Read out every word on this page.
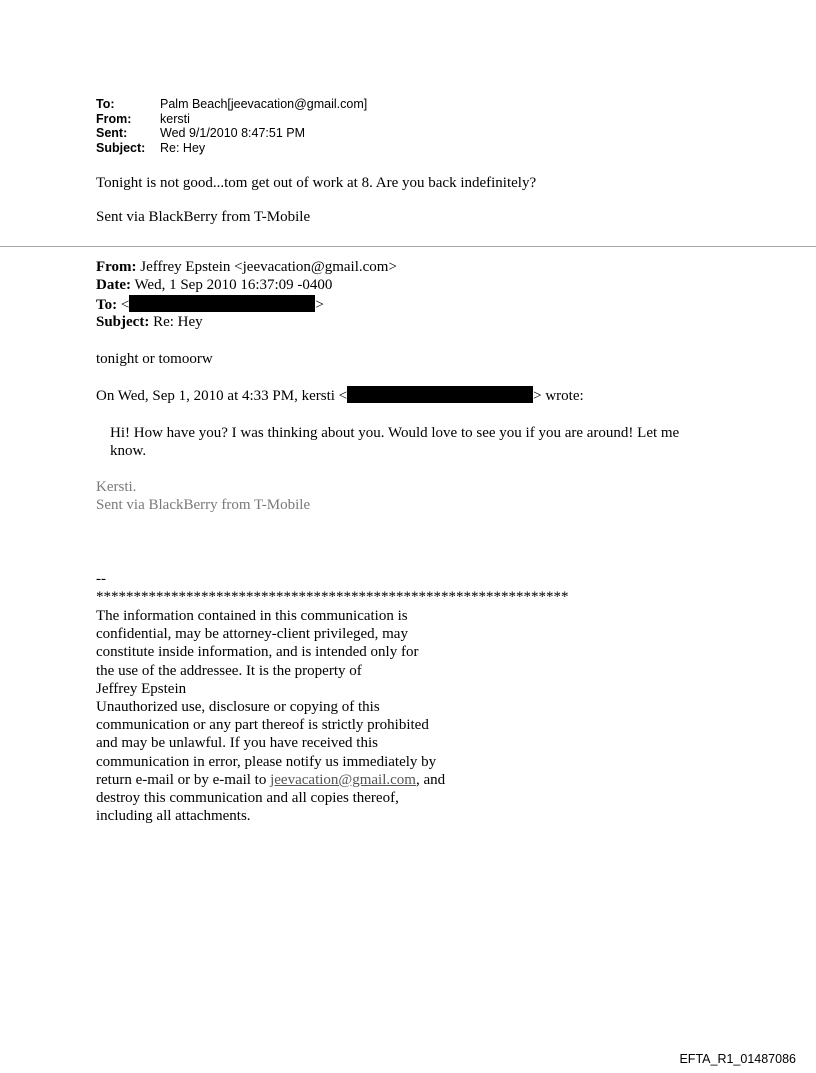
To:	Palm Beach[jeevacation@gmail.com]
From:	kersti
Sent:	Wed 9/1/2010 8:47:51 PM
Subject:	Re: Hey
Tonight is not good...tom get out of work at 8. Are you back indefinitely?
Sent via BlackBerry from T-Mobile
From: Jeffrey Epstein <jeevacation@gmail.com>
Date: Wed, 1 Sep 2010 16:37:09 -0400
To: <	>
Subject: Re: Hey
tonight or tomoorw
On Wed, Sep 1, 2010 at 4:33 PM, kersti <	> wrote:
Hi! How have you? I was thinking about you. Would love to see you if you are around! Let me know.
Kersti.
Sent via BlackBerry from T-Mobile
--
***************************************************************
The information contained in this communication is
confidential, may be attorney-client privileged, may
constitute inside information, and is intended only for
the use of the addressee. It is the property of
Jeffrey Epstein
Unauthorized use, disclosure or copying of this
communication or any part thereof is strictly prohibited
and may be unlawful. If you have received this
communication in error, please notify us immediately by
return e-mail or by e-mail to jeevacation@gmail.com, and
destroy this communication and all copies thereof,
including all attachments.
EFTA_R1_01487086
